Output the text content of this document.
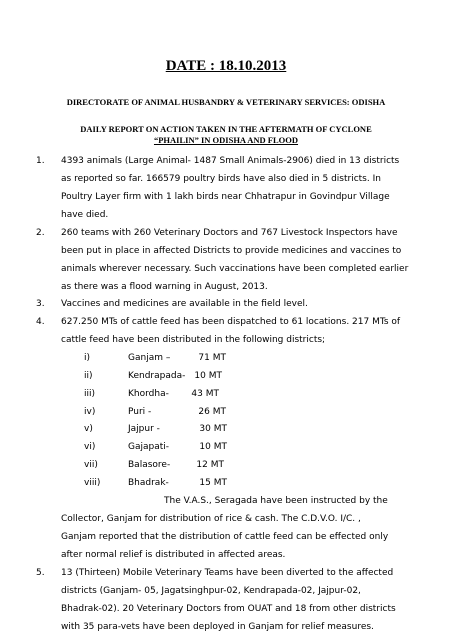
DATE : 18.10.2013
DIRECTORATE OF ANIMAL HUSBANDRY & VETERINARY SERVICES: ODISHA
DAILY REPORT ON ACTION TAKEN IN THE AFTERMATH OF CYCLONE
“PHAILIN” IN ODISHA AND FLOOD
1. 4393 animals (Large Animal- 1487 Small Animals-2906) died in 13 districts
as reported so far. 166579 poultry birds have also died in 5 districts. In
Poultry Layer firm with 1 lakh birds near Chhatrapur in Govindpur Village
have died.
2. 260 teams with 260 Veterinary Doctors and 767 Livestock Inspectors have
been put in place in affected Districts to provide medicines and vaccines to
animals wherever necessary. Such vaccinations have been completed earlier
as there was a flood warning in August, 2013.
3. Vaccines and medicines are available in the field level.
4. 627.250 MTs of cattle feed has been dispatched to 61 locations. 217 MTs of
cattle feed have been distributed in the following districts;
i)	Ganjam –	71 MT
ii)	Kendrapada-	10 MT
iii)	Khordha-	43 MT
iv)	Puri -	26 MT
v)	Jajpur -	30 MT
vi)	Gajapati-	10 MT
vii)	Balasore-	12 MT
viii)	Bhadrak-	15 MT
The V.A.S., Seragada have been instructed by the
Collector, Ganjam for distribution of rice & cash. The C.D.V.O. I/C. ,
Ganjam reported that the distribution of cattle feed can be effected only
after normal relief is distributed in affected areas.
5. 13 (Thirteen) Mobile Veterinary Teams have been diverted to the affected
districts (Ganjam- 05, Jagatsinghpur-02, Kendrapada-02, Jajpur-02,
Bhadrak-02). 20 Veterinary Doctors from OUAT and 18 from other districts
with 35 para-vets have been deployed in Ganjam for relief measures.
